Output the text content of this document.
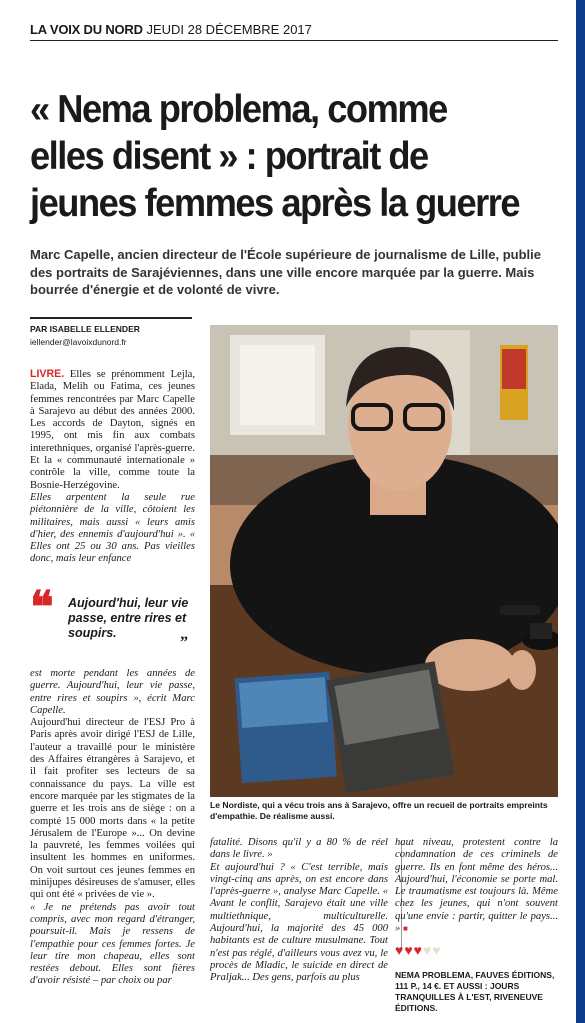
LA VOIX DU NORD JEUDI 28 DÉCEMBRE 2017
« Nema problema, comme elles disent » : portrait de jeunes femmes après la guerre

Marc Capelle, ancien directeur de l'École supérieure de journalisme de Lille, publie des portraits de Sarajéviennes, dans une ville encore marquée par la guerre. Mais bourrée d'énergie et de volonté de vivre.

PAR ISABELLE ELLENDER
iellender@lavoixdunord.fr

LIVRE. Elles se prénomment Lejla, Elada, Melih ou Fatima, ces jeunes femmes rencontrées par Marc Capelle à Sarajevo au début des années 2000. Les accords de Dayton, signés en 1995, ont mis fin aux combats interethniques, organisé l'après-guerre. Et la « communauté internationale » contrôle la ville, comme toute la Bosnie-Herzégovine.

Elles arpentent la seule rue piétonnière de la ville, côtoient les militaires, mais aussi « leurs amis d'hier, des ennemis d'aujourd'hui ». « Elles ont 25 ou 30 ans. Pas vieilles donc, mais leur enfance

❝ Aujourd'hui, leur vie passe, entre rires et soupirs.
”

est morte pendant les années de guerre. Aujourd'hui, leur vie passe, entre rires et soupirs », écrit Marc Capelle.

Aujourd'hui directeur de l'ESJ Pro à Paris après avoir dirigé l'ESJ de Lille, l'auteur a travaillé pour le ministère des Affaires étrangères à Sarajevo, et il fait profiter ses lecteurs de sa connaissance du pays. La ville est encore marquée par les stigmates de la guerre et les trois ans de siège : on a compté 15 000 morts dans « la petite Jérusalem de l'Europe »... On devine la pauvreté, les femmes voilées qui insultent les hommes en uniformes. On voit surtout ces jeunes femmes en minijupes désireuses de s'amuser, elles qui ont été « privées de vie ».

« Je ne prétends pas avoir tout compris, avec mon regard d'étranger, poursuit-il. Mais je ressens de l'empathie pour ces femmes fortes. Je leur tire mon chapeau, elles sont restées debout. Elles sont fières d'avoir résisté – par choix ou par

Le Nordiste, qui a vécu trois ans à Sarajevo, offre un recueil de portraits empreints d'empathie. De réalisme aussi.

fatalité. Disons qu'il y a 80 % de réel dans le livre. »

Et aujourd'hui ? « C'est terrible, mais vingt-cinq ans après, on est encore dans l'après-guerre », analyse Marc Capelle. « Avant le conflit, Sarajevo était une ville multiethnique, multiculturelle. Aujourd'hui, la majorité des 45 000 habitants est de culture musulmane. Tout n'est pas réglé, d'ailleurs vous avez vu, le procès de Mladic, le suicide en direct de Praljak... Des gens, parfois au plus

haut niveau, protestent contre la condamnation de ces criminels de guerre. Ils en font même des héros... Aujourd'hui, l'économie se porte mal. Le traumatisme est toujours là. Même chez les jeunes, qui n'ont souvent qu'une envie : partir, quitter le pays... » ■

♥♥♥♥♥
NEMA PROBLEMA, FAUVES ÉDITIONS, 111 P., 14 €. ET AUSSI : JOURS TRANQUILLES À L'EST, RIVENEUVE ÉDITIONS.
